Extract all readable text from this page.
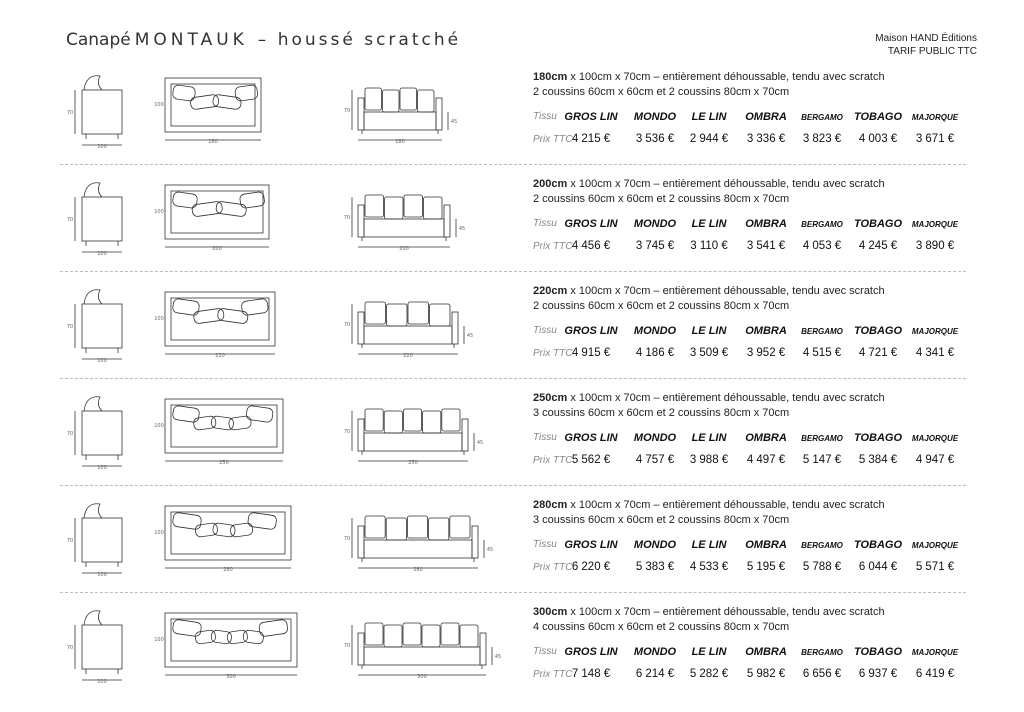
Canapé MONTAUK – houssé scratché	Maison HAND Éditions
TARIF PUBLIC TTC
100
70
180
100
180
70
45
180cm x 100cm x 70cm – entièrement déhoussable, tendu avec scratch
2 coussins 60cm x 60cm et 2 coussins 80cm x 70cm
Tissu
Prix TTC
GROS LIN
4 215 €
MONDO
3 536 €
LE LIN
2 944 €
OMBRA
3 336 €
BERGAMO
3 823 €
TOBAGO
4 003 €
MAJORQUE
3 671 €
100
70
200
100
200
70
45
200cm x 100cm x 70cm – entièrement déhoussable, tendu avec scratch
2 coussins 60cm x 60cm et 2 coussins 80cm x 70cm
Tissu
Prix TTC
GROS LIN
4 456 €
MONDO
3 745 €
LE LIN
3 110 €
OMBRA
3 541 €
BERGAMO
4 053 €
TOBAGO
4 245 €
MAJORQUE
3 890 €
100
70
220
100
220
70
45
220cm x 100cm x 70cm – entièrement déhoussable, tendu avec scratch
2 coussins 60cm x 60cm et 2 coussins 80cm x 70cm
Tissu
Prix TTC
GROS LIN
4 915 €
MONDO
4 186 €
LE LIN
3 509 €
OMBRA
3 952 €
BERGAMO
4 515 €
TOBAGO
4 721 €
MAJORQUE
4 341 €
100
70
250
100
250
70
45
250cm x 100cm x 70cm – entièrement déhoussable, tendu avec scratch
3 coussins 60cm x 60cm et 2 coussins 80cm x 70cm
Tissu
Prix TTC
GROS LIN
5 562 €
MONDO
4 757 €
LE LIN
3 988 €
OMBRA
4 497 €
BERGAMO
5 147 €
TOBAGO
5 384 €
MAJORQUE
4 947 €
100
70
280
100
280
70
45
280cm x 100cm x 70cm – entièrement déhoussable, tendu avec scratch
3 coussins 60cm x 60cm et 2 coussins 80cm x 70cm
Tissu
Prix TTC
GROS LIN
6 220 €
MONDO
5 383 €
LE LIN
4 533 €
OMBRA
5 195 €
BERGAMO
5 788 €
TOBAGO
6 044 €
MAJORQUE
5 571 €
100
70
300
100
300
70
45
300cm x 100cm x 70cm – entièrement déhoussable, tendu avec scratch
4 coussins 60cm x 60cm et 2 coussins 80cm x 70cm
Tissu
Prix TTC
GROS LIN
7 148 €
MONDO
6 214 €
LE LIN
5 282 €
OMBRA
5 982 €
BERGAMO
6 656 €
TOBAGO
6 937 €
MAJORQUE
6 419 €
